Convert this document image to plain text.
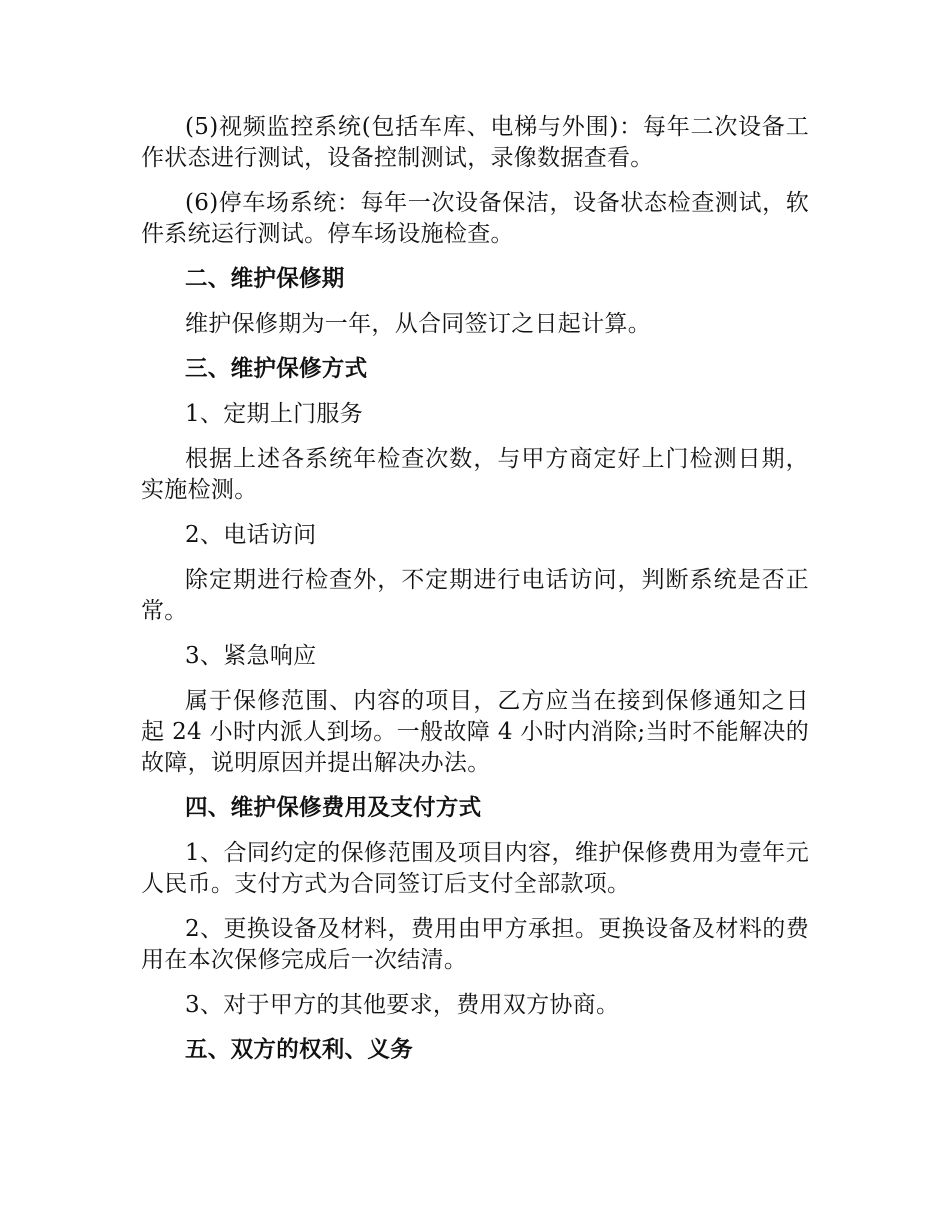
(5)视频监控系统(包括车库、电梯与外围)：每年二次设备工作状态进行测试，设备控制测试，录像数据查看。

(6)停车场系统：每年一次设备保洁，设备状态检查测试，软件系统运行测试。停车场设施检查。

二、维护保修期

维护保修期为一年，从合同签订之日起计算。

三、维护保修方式

1、定期上门服务

根据上述各系统年检查次数，与甲方商定好上门检测日期，实施检测。

2、电话访问

除定期进行检查外，不定期进行电话访问，判断系统是否正常。

3、紧急响应

属于保修范围、内容的项目，乙方应当在接到保修通知之日起 24 小时内派人到场。一般故障 4 小时内消除;当时不能解决的故障，说明原因并提出解决办法。

四、维护保修费用及支付方式

1、合同约定的保修范围及项目内容，维护保修费用为壹年元人民币。支付方式为合同签订后支付全部款项。

2、更换设备及材料，费用由甲方承担。更换设备及材料的费用在本次保修完成后一次结清。

3、对于甲方的其他要求，费用双方协商。

五、双方的权利、义务
